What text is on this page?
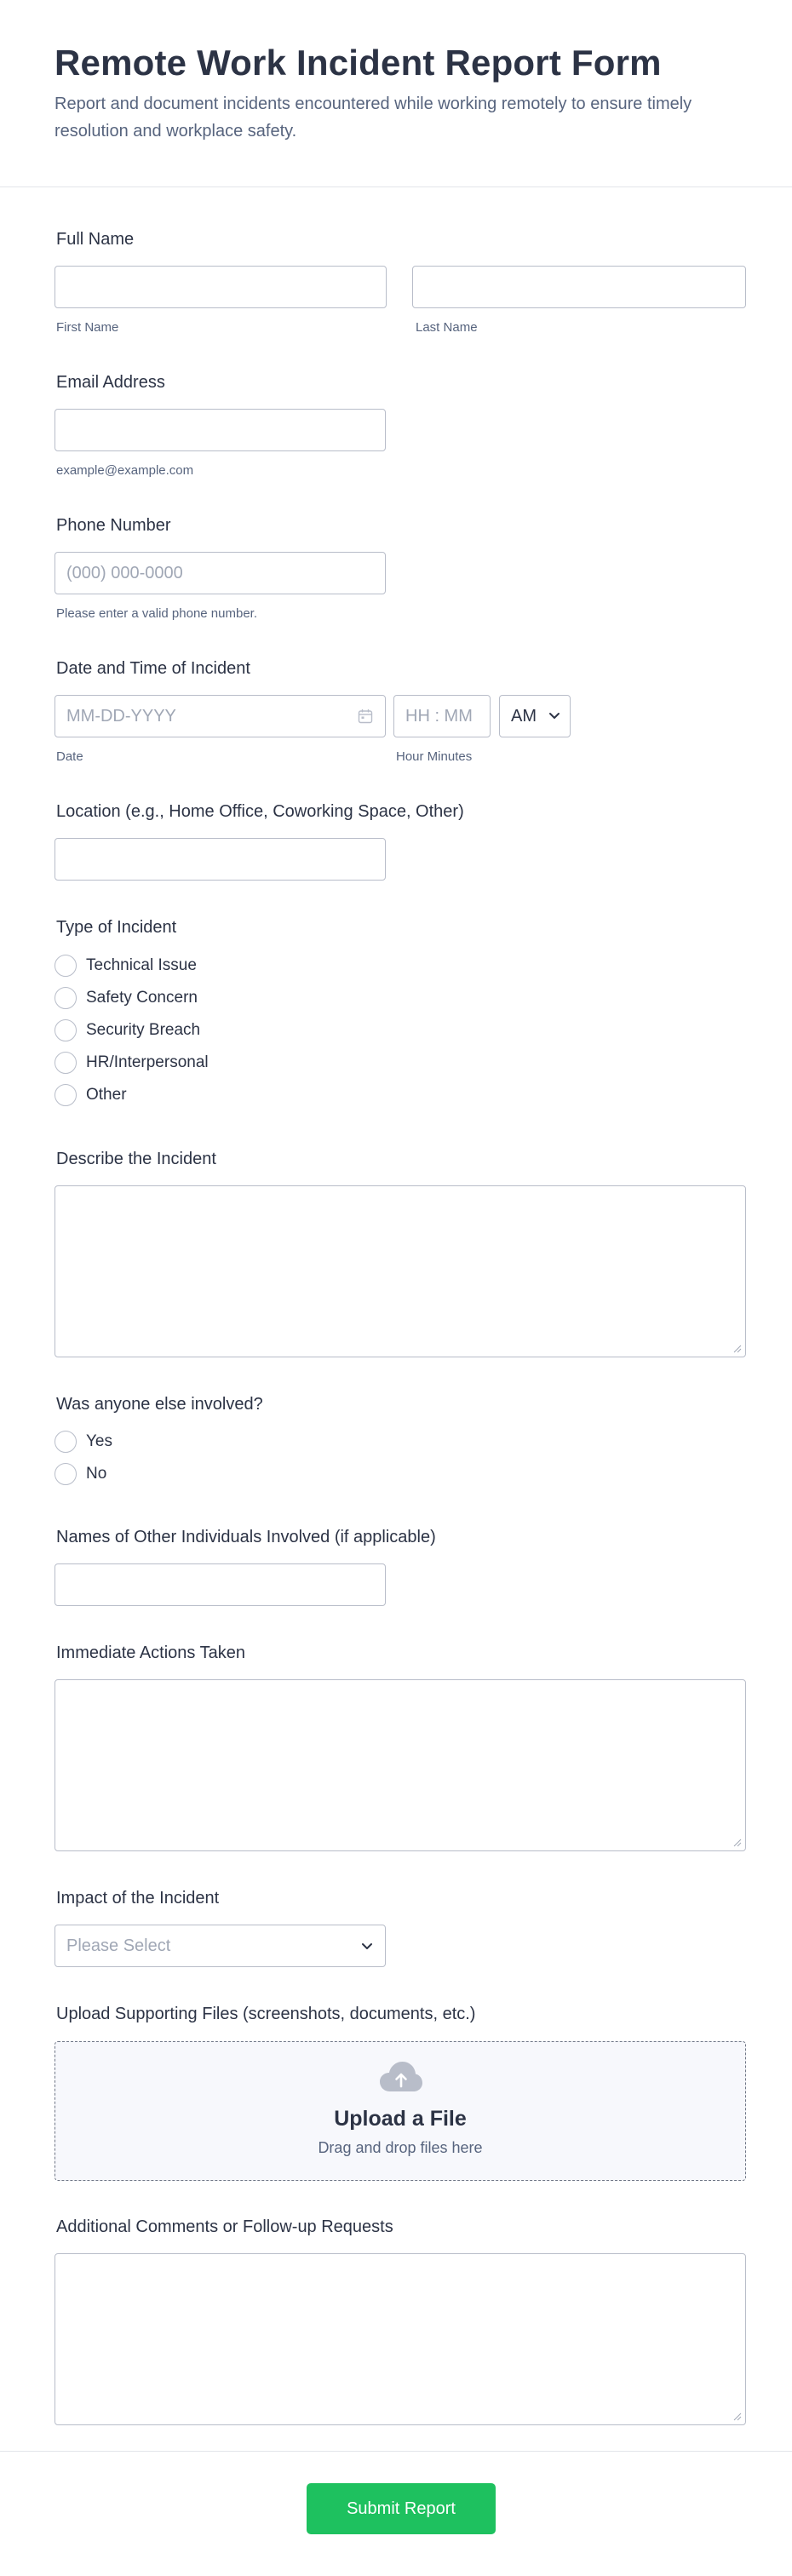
Remote Work Incident Report Form
Report and document incidents encountered while working remotely to ensure timely resolution and workplace safety.
Full Name
First Name	Last Name
Email Address
example@example.com
Phone Number
(000) 000-0000
Please enter a valid phone number.
Date and Time of Incident
MM-DD-YYYY	HH : MM AM
Date	Hour Minutes
Location (e.g., Home Office, Coworking Space, Other)
Type of Incident
Technical Issue
Safety Concern
Security Breach
HR/Interpersonal
Other
Describe the Incident
Was anyone else involved?
Yes
No
Names of Other Individuals Involved (if applicable)
Immediate Actions Taken
Impact of the Incident
Please Select
Upload Supporting Files (screenshots, documents, etc.)
Upload a File
Drag and drop files here
Additional Comments or Follow-up Requests
Submit Report
